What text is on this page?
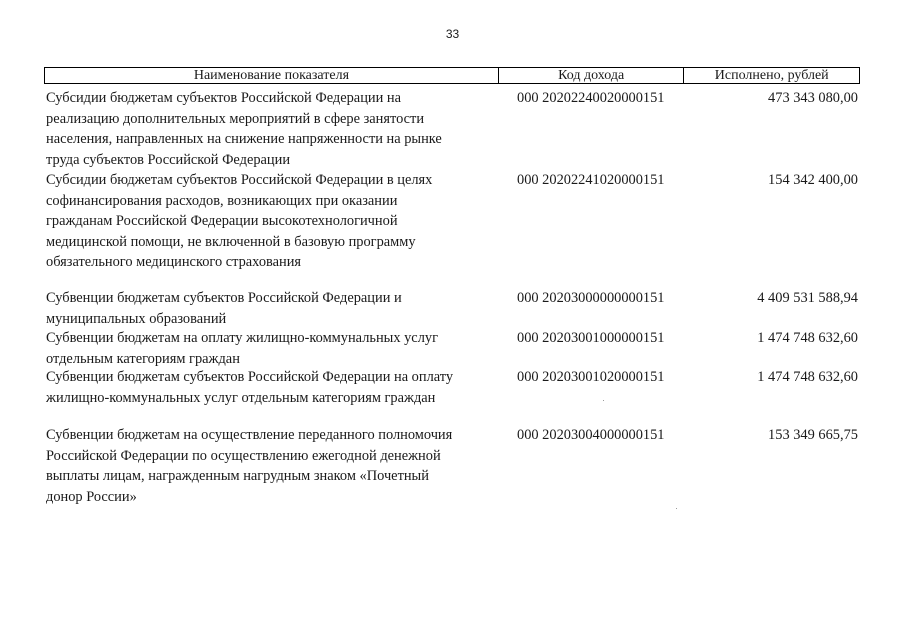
33
Наименование показателя	Код дохода	Исполнено, рублей
Субсидии бюджетам субъектов Российской Федерации на
реализацию дополнительных мероприятий в сфере занятости
населения, направленных на снижение напряженности на рынке
труда субъектов Российской Федерации
000 20202240020000151	473 343 080,00
Субсидии бюджетам субъектов Российской Федерации в целях
софинансирования расходов, возникающих при оказании
гражданам Российской Федерации высокотехнологичной
медицинской помощи, не включенной в базовую программу
обязательного медицинского страхования
000 20202241020000151	154 342 400,00
Субвенции бюджетам субъектов Российской Федерации и
муниципальных образований
000 20203000000000151	4 409 531 588,94
Субвенции бюджетам на оплату жилищно-коммунальных услуг
отдельным категориям граждан
000 20203001000000151	1 474 748 632,60
Субвенции бюджетам субъектов Российской Федерации на оплату
жилищно-коммунальных услуг отдельным категориям граждан
000 20203001020000151	1 474 748 632,60
Субвенции бюджетам на осуществление переданного полномочия
Российской Федерации по осуществлению ежегодной денежной
выплаты лицам, награжденным нагрудным знаком «Почетный
донор России»
000 20203004000000151	153 349 665,75
